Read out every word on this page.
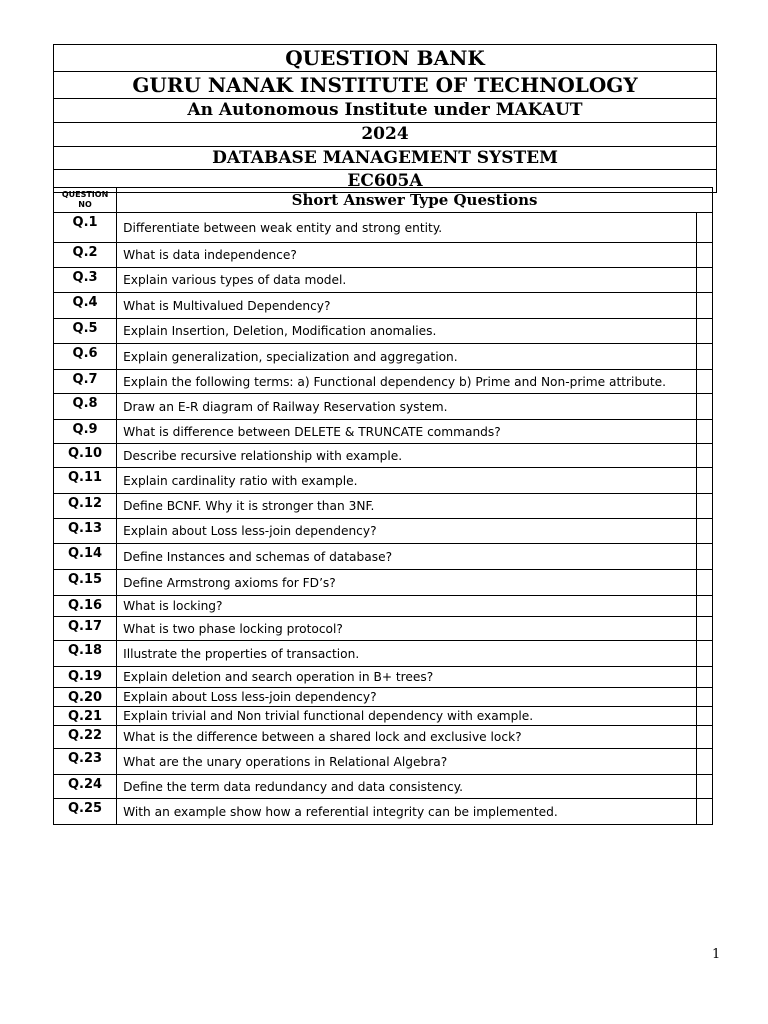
QUESTION BANK
GURU NANAK INSTITUTE OF TECHNOLOGY
An Autonomous Institute under MAKAUT
2024
DATABASE MANAGEMENT SYSTEM
EC605A
QUESTION NO	Short Answer Type Questions	
Q.1	Differentiate between weak entity and strong entity.	
Q.2	What is data independence?	
Q.3	Explain various types of data model.	
Q.4	What is Multivalued Dependency?	
Q.5	Explain Insertion, Deletion, Modification anomalies.	
Q.6	Explain generalization, specialization and aggregation.	
Q.7	Explain the following terms: a) Functional dependency b) Prime and Non-prime attribute.	
Q.8	Draw an E-R diagram of Railway Reservation system.	
Q.9	What is difference between DELETE & TRUNCATE commands?	
Q.10	Describe recursive relationship with example.	
Q.11	Explain cardinality ratio with example.	
Q.12	Define BCNF. Why it is stronger than 3NF.	
Q.13	Explain about Loss less-join dependency?	
Q.14	Define Instances and schemas of database?	
Q.15	Define Armstrong axioms for FD’s?	
Q.16	What is locking?	
Q.17	What is two phase locking protocol?	
Q.18	Illustrate the properties of transaction.	
Q.19	Explain deletion and search operation in B+ trees?	
Q.20	Explain about Loss less-join dependency?	
Q.21	Explain trivial and Non trivial functional dependency with example.	
Q.22	What is the difference between a shared lock and exclusive lock?	
Q.23	What are the unary operations in Relational Algebra?	
Q.24	Define the term data redundancy and data consistency.	
Q.25	With an example show how a referential integrity can be implemented.	
1
